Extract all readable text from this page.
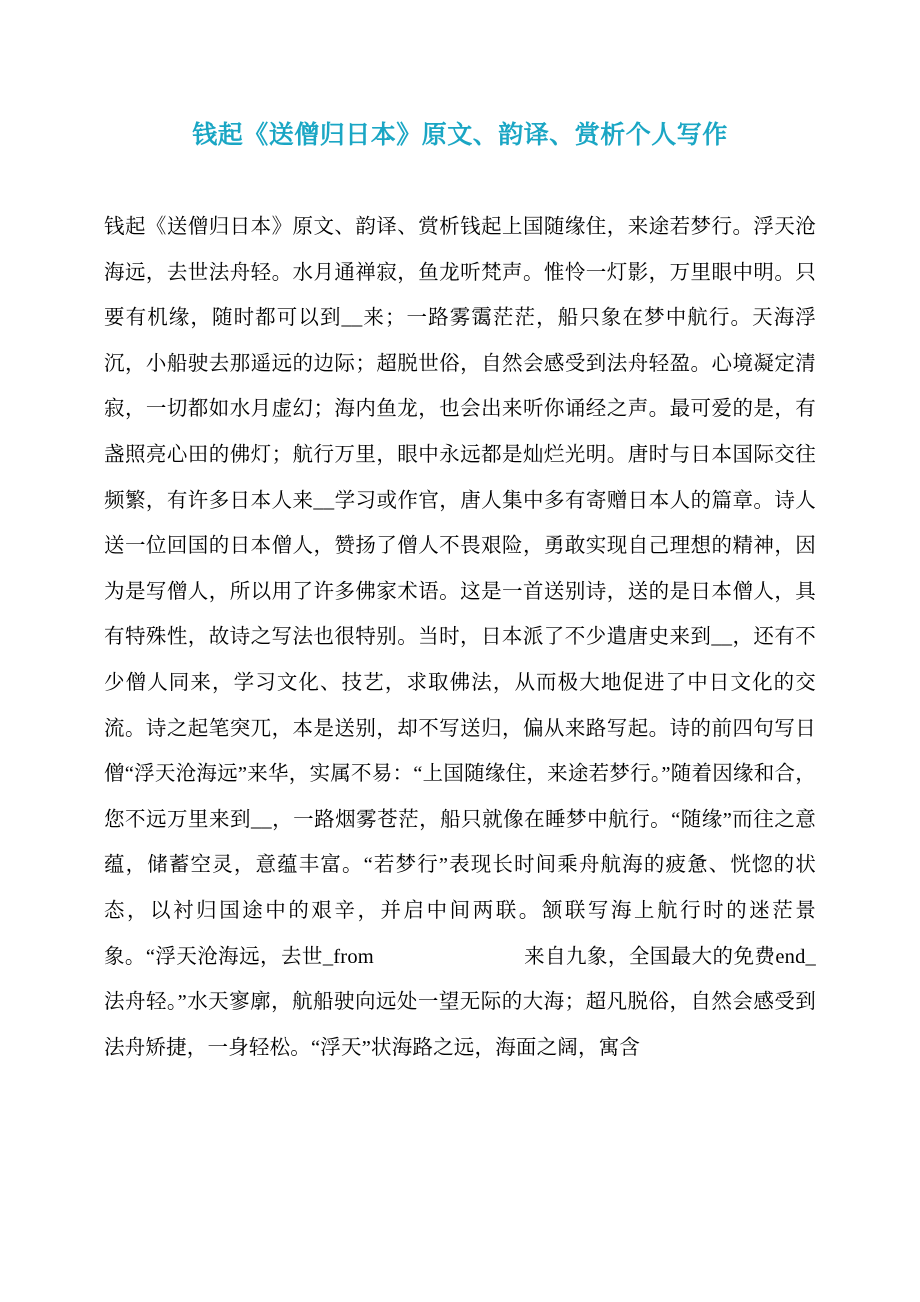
钱起《送僧归日本》原文、韵译、赏析个人写作

钱起《送僧归日本》原文、韵译、赏析钱起上国随缘住，来途若梦行。浮天沧海远，去世法舟轻。水月通禅寂，鱼龙听梵声。惟怜一灯影，万里眼中明。只要有机缘，随时都可以到__来；一路雾霭茫茫，船只象在梦中航行。天海浮沉，小船驶去那遥远的边际；超脱世俗，自然会感受到法舟轻盈。心境凝定清寂，一切都如水月虚幻；海内鱼龙，也会出来听你诵经之声。最可爱的是，有盏照亮心田的佛灯；航行万里，眼中永远都是灿烂光明。唐时与日本国际交往频繁，有许多日本人来__学习或作官，唐人集中多有寄赠日本人的篇章。诗人送一位回国的日本僧人，赞扬了僧人不畏艰险，勇敢实现自己理想的精神，因为是写僧人，所以用了许多佛家术语。这是一首送别诗，送的是日本僧人，具有特殊性，故诗之写法也很特别。当时，日本派了不少遣唐史来到__，还有不少僧人同来，学习文化、技艺，求取佛法，从而极大地促进了中日文化的交流。诗之起笔突兀，本是送别，却不写送归，偏从来路写起。诗的前四句写日僧“浮天沧海远”来华，实属不易：“上国随缘住，来途若梦行。”随着因缘和合，您不远万里来到__，一路烟雾苍茫，船只就像在睡梦中航行。“随缘”而往之意蕴，储蓄空灵，意蕴丰富。“若梦行”表现长时间乘舟航海的疲惫、恍惚的状态，以衬归国途中的艰辛，并启中间两联。颔联写海上航行时的迷茫景象。“浮天沧海远，去世_from	来自九象，全国最大的免费end_法舟轻。”水天寥廓，航船驶向远处一望无际的大海；超凡脱俗，自然会感受到法舟矫捷，一身轻松。“浮天”状海路之远，海面之阔，寓含
